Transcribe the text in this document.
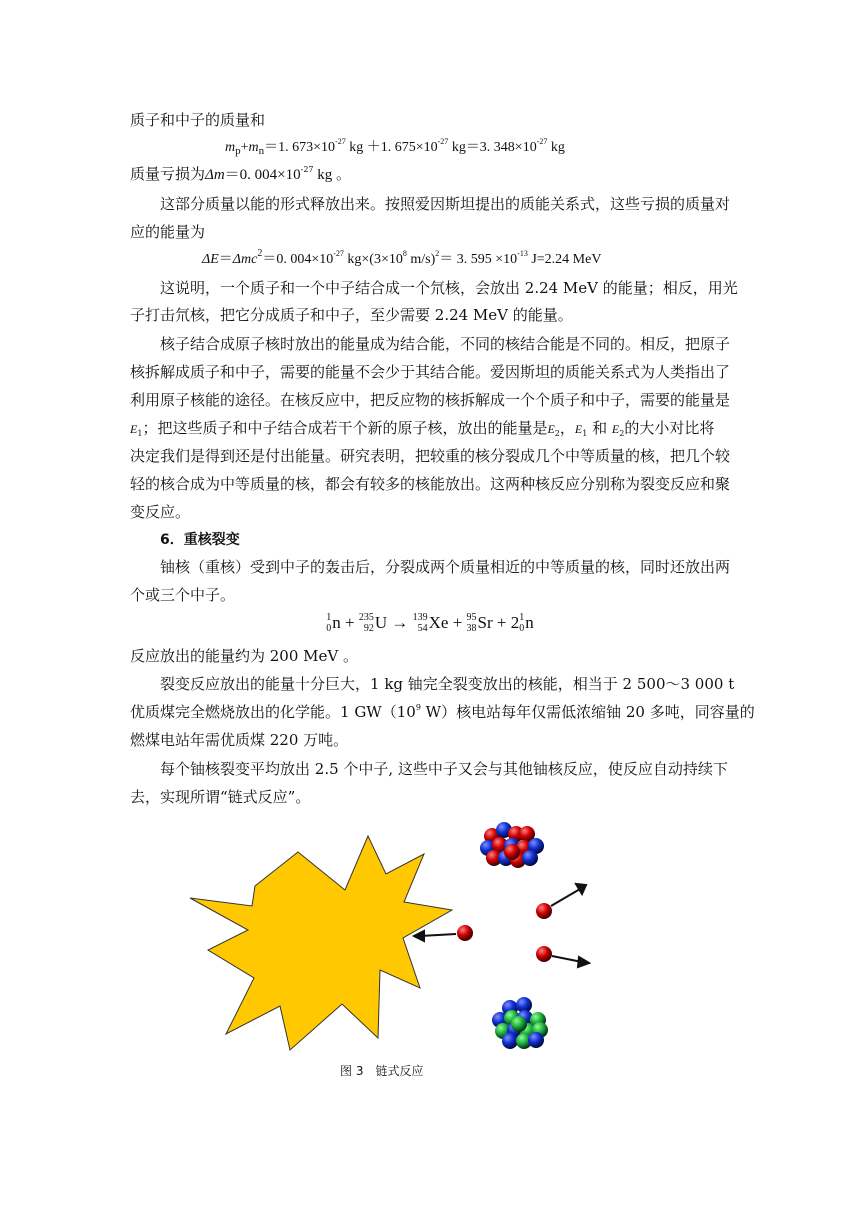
质子和中子的质量和
$m_p+m_n=1$. $673\times 10^{-27}$ kg ＋1. $675\times 10^{-27}$ kg＝3. $348\times 10^{-27}$ kg
质量亏损为Δm＝0. $004\times 10^{-27}$ kg 。
这部分质量以能的形式释放出来。按照爱因斯坦提出的质能关系式，这些亏损的质量对
应的能量为
ΔE＝Δmc$^2$＝0. $004\times 10^{-27}$ $kg\times(3\times 10^8$ m/s)$^2$＝ 3. $595 \times 10^{-13}$ J=2.24 MeV
这说明，一个质子和一个中子结合成一个氘核，会放出 2.24 MeV 的能量；相反，用光
子打击氘核，把它分成质子和中子，至少需要 2.24 MeV 的能量。
核子结合成原子核时放出的能量成为结合能，不同的核结合能是不同的。相反，把原子
核拆解成质子和中子，需要的能量不会少于其结合能。爱因斯坦的质能关系式为人类指出了
利用原子核能的途径。在核反应中，把反应物的核拆解成一个个质子和中子，需要的能量是
$E_1$；把这些质子和中子结合成若干个新的原子核，放出的能量是$E_2$，$E_1$ 和 $E_2$的大小对比将
决定我们是得到还是付出能量。研究表明，把较重的核分裂成几个中等质量的核，把几个较
轻的核合成为中等质量的核，都会有较多的核能放出。这两种核反应分别称为裂变反应和聚
变反应。
6．重核裂变
铀核（重核）受到中子的轰击后，分裂成两个质量相近的中等质量的核，同时还放出两
个或三个中子。
1
0 n + 235
92 U → 139
54 Xe + 95
38 Sr + 2 1
0 n
反应放出的能量约为 200 MeV 。
裂变反应放出的能量十分巨大，1 kg 铀完全裂变放出的核能，相当于 2 500～3 000 t
优质煤完全燃烧放出的化学能。1 $GW(10^9$ W）核电站每年仅需低浓缩铀 20 多吨，同容量的
燃煤电站年需优质煤 220 万吨。
每个铀核裂变平均放出 2.5 个中子, 这些中子又会与其他铀核反应，使反应自动持续下
去，实现所谓“链式反应”。
图 3　链式反应
